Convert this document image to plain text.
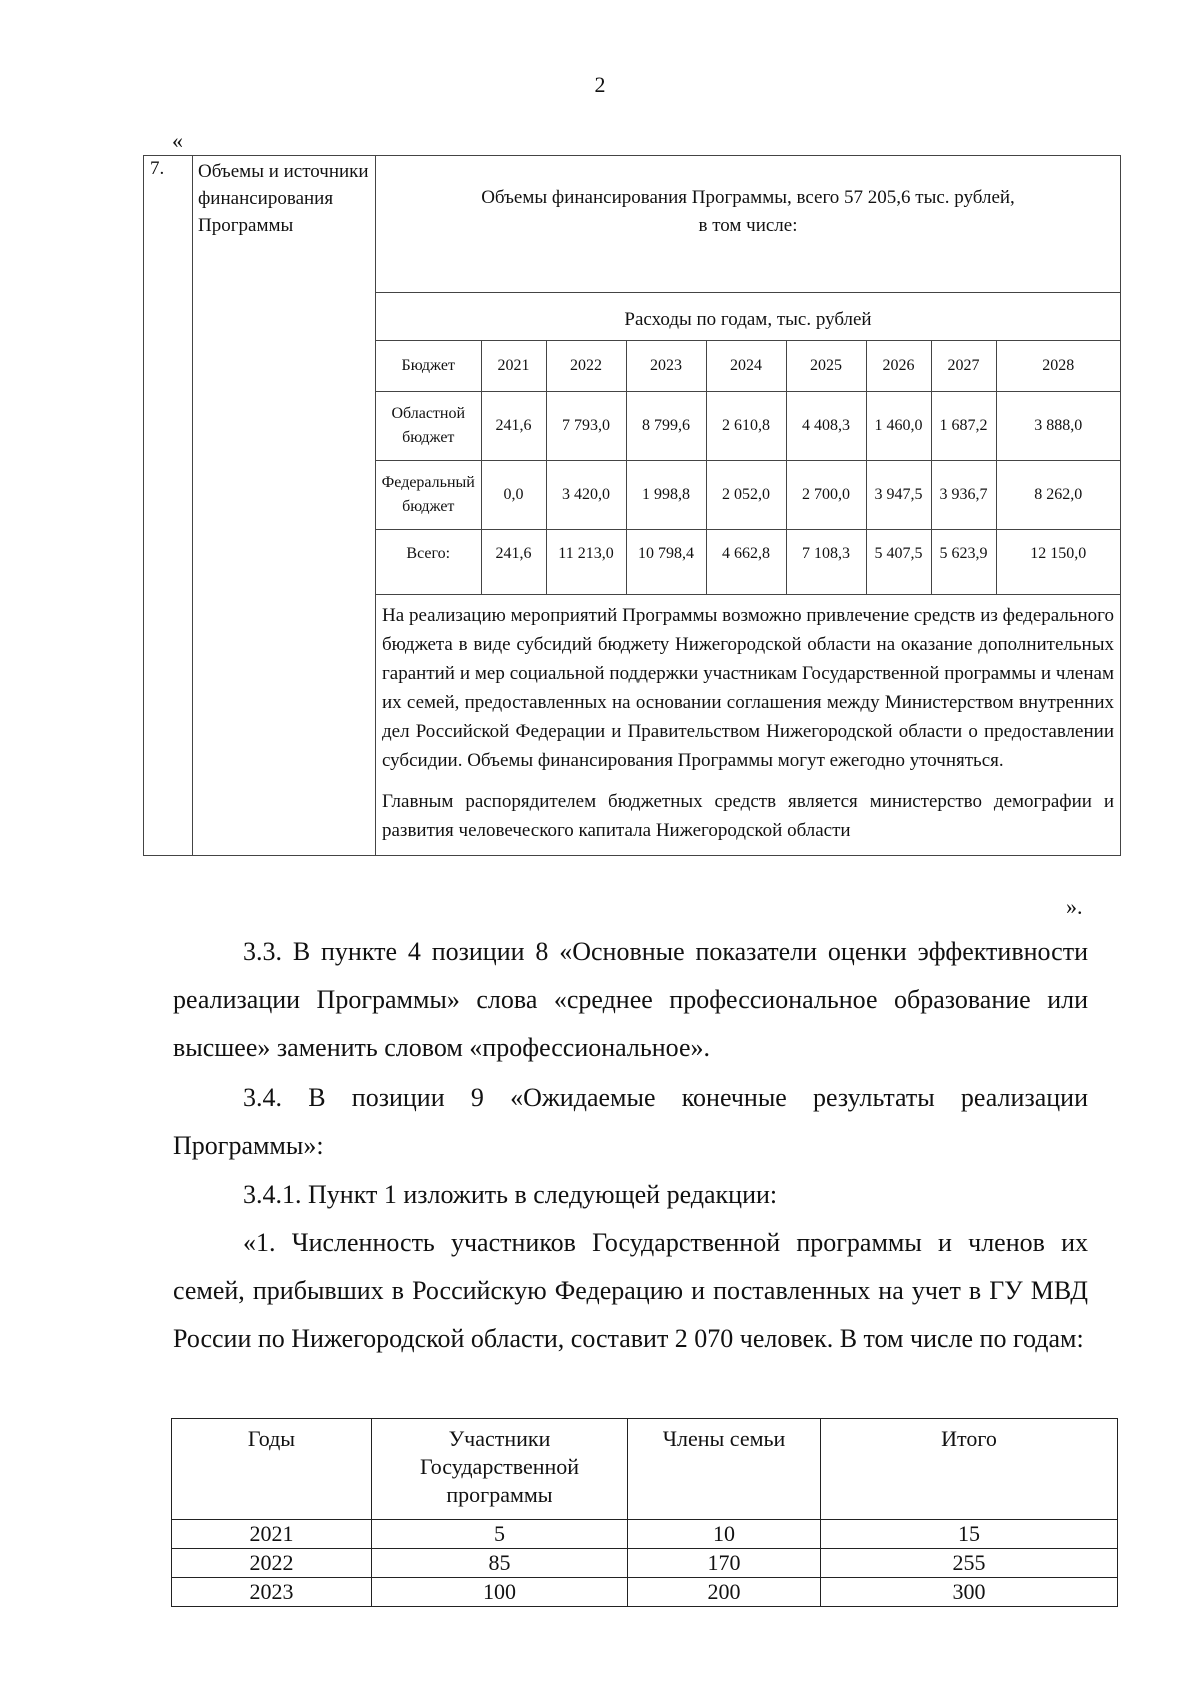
2
«
7.	Объемы и источники финансирования Программы	
Объемы финансирования Программы, всего 57 205,6 тыс. рублей,
в том числе:
Расходы по годам, тыс. рублей
Бюджет	2021	2022	2023	2024	2025	2026	2027	2028
Областной бюджет	241,6	7 793,0	8 799,6	2 610,8	4 408,3	1 460,0	1 687,2	3 888,0
Федеральный бюджет	0,0	3 420,0	1 998,8	2 052,0	2 700,0	3 947,5	3 936,7	8 262,0
Всего:	241,6	11 213,0	10 798,4	4 662,8	7 108,3	5 407,5	5 623,9	12 150,0

На реализацию мероприятий Программы возможно привлечение средств из федерального бюджета в виде субсидий бюджету Нижегородской области на оказание дополнительных гарантий и мер социальной поддержки участникам Государственной программы и членам их семей, предоставленных на основании соглашения между Министерством внутренних дел Российской Федерации и Правительством Нижегородской области о предоставлении субсидии. Объемы финансирования Программы могут ежегодно уточняться.

Главным распорядителем бюджетных средств является министерство демографии и развития человеческого капитала Нижегородской области

».

3.3. В пункте 4 позиции 8 «Основные показатели оценки эффективности реализации Программы» слова «среднее профессиональное образование или высшее» заменить словом «профессиональное».

3.4. В позиции 9 «Ожидаемые конечные результаты реализации Программы»:

3.4.1. Пункт 1 изложить в следующей редакции:

«1. Численность участников Государственной программы и членов их семей, прибывших в Российскую Федерацию и поставленных на учет в ГУ МВД России по Нижегородской области, составит 2 070 человек. В том числе по годам:

Годы	Участники Государственной программы	Члены семьи	Итого
2021	5	10	15
2022	85	170	255
2023	100	200	300
